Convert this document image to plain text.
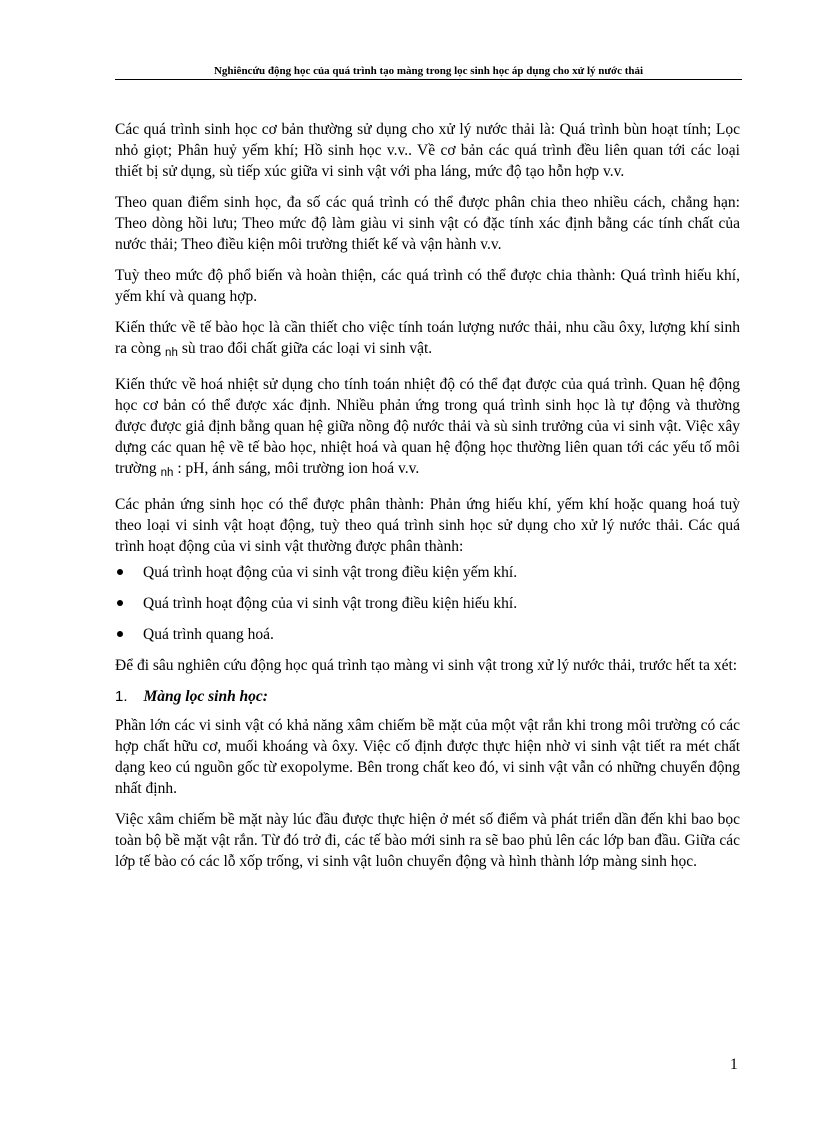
Nghiêncứu động học của quá trình tạo màng trong lọc sinh học áp dụng cho xử lý nước thải

Các quá trình sinh học cơ bản thường sử dụng cho xử lý nước thải là: Quá trình bùn hoạt tính; Lọc nhỏ giọt; Phân huỷ yếm khí; Hồ sinh học v.v.. Về cơ bản các quá trình đều liên quan tới các loại thiết bị sử dụng, sù tiếp xúc giữa vi sinh vật với pha láng, mức độ tạo hỗn hợp v.v.

Theo quan điểm sinh học, đa số các quá trình có thể được phân chia theo nhiều cách, chẳng hạn: Theo dòng hồi lưu; Theo mức độ làm giàu vi sinh vật có đặc tính xác định bằng các tính chất của nước thải; Theo điều kiện môi trường thiết kế và vận hành v.v.

Tuỳ theo mức độ phổ biến và hoàn thiện, các quá trình có thể được chia thành: Quá trình hiếu khí, yếm khí và quang hợp.

Kiến thức về tế bào học là cần thiết cho việc tính toán lượng nước thải, nhu cầu ôxy, lượng khí sinh ra còng nh sù trao đổi chất giữa các loại vi sinh vật.

Kiến thức về hoá nhiệt sử dụng cho tính toán nhiệt độ có thể đạt được của quá trình. Quan hệ động học cơ bản có thể được xác định. Nhiều phản ứng trong quá trình sinh học là tự động và thường được được giả định bằng quan hệ giữa nồng độ nước thải và sù sinh trưởng của vi sinh vật. Việc xây dựng các quan hệ về tế bào học, nhiệt hoá và quan hệ động học thường liên quan tới các yếu tố môi trường nh : pH, ánh sáng, môi trường ion hoá v.v.

Các phản ứng sinh học có thể được phân thành: Phản ứng hiếu khí, yếm khí hoặc quang hoá tuỳ theo loại vi sinh vật hoạt động, tuỳ theo quá trình sinh học sử dụng cho xử lý nước thải. Các quá trình hoạt động của vi sinh vật thường được phân thành:

Quá trình hoạt động của vi sinh vật trong điều kiện yếm khí.
Quá trình hoạt động của vi sinh vật trong điều kiện hiếu khí.
Quá trình quang hoá.

Để đi sâu nghiên cứu động học quá trình tạo màng vi sinh vật trong xử lý nước thải, trước hết ta xét:

1. Màng lọc sinh học:

Phần lớn các vi sinh vật có khả năng xâm chiếm bề mặt của một vật rắn khi trong môi trường có các hợp chất hữu cơ, muối khoáng và ôxy. Việc cố định được thực hiện nhờ vi sinh vật tiết ra mét chất dạng keo cú nguồn gốc từ exopolyme. Bên trong chất keo đó, vi sinh vật vẫn có những chuyển động nhất định.

Việc xâm chiếm bề mặt này lúc đầu được thực hiện ở mét số điểm và phát triển dần đến khi bao bọc toàn bộ bề mặt vật rắn. Từ đó trở đi, các tế bào mới sinh ra sẽ bao phủ lên các lớp ban đầu. Giữa các lớp tế bào có các lỗ xốp trống, vi sinh vật luôn chuyển động và hình thành lớp màng sinh học.

1
